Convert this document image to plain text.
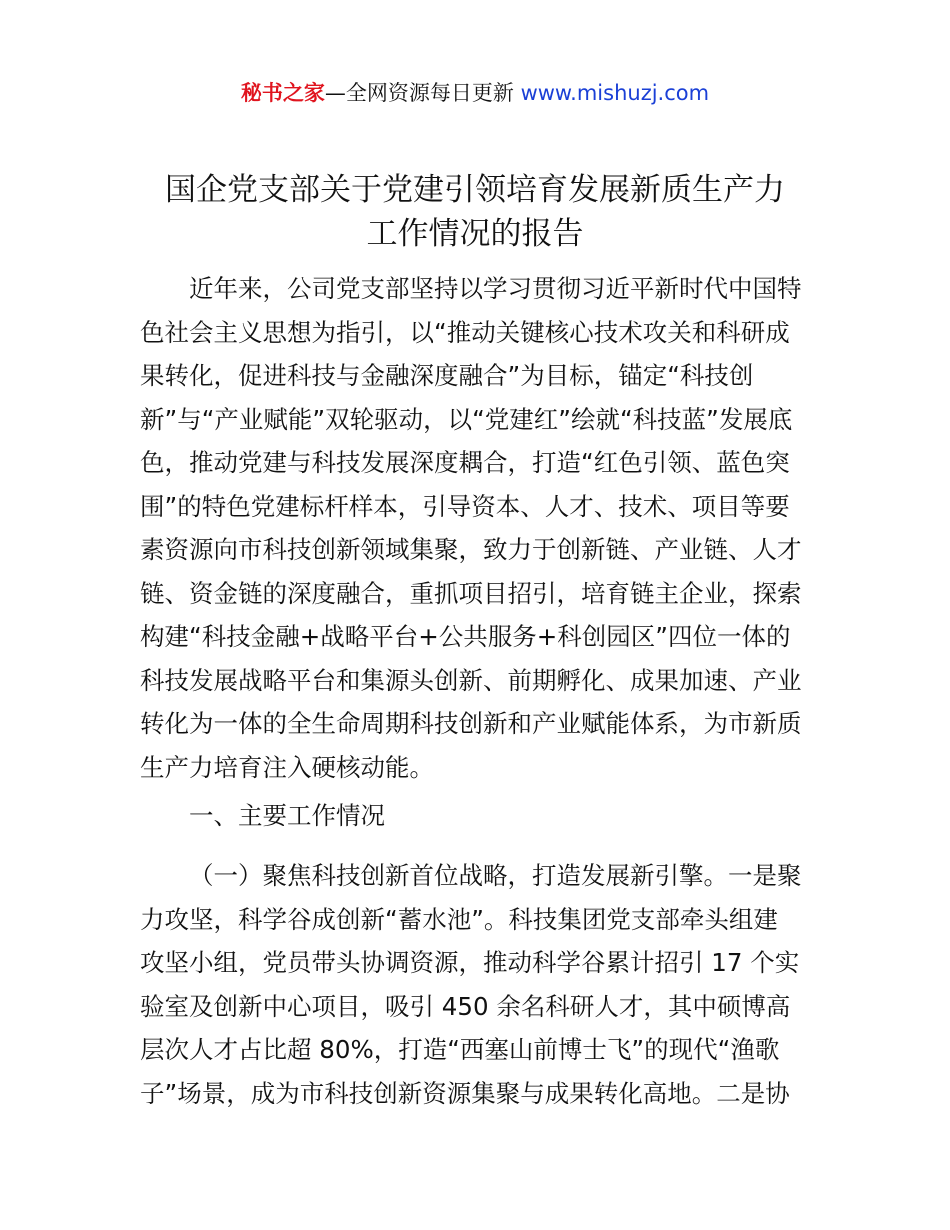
秘书之家—全网资源每日更新 www.mishuzj.com
国企党支部关于党建引领培育发展新质生产力
工作情况的报告
近年来，公司党支部坚持以学习贯彻习近平新时代中国特
色社会主义思想为指引，以“推动关键核心技术攻关和科研成
果转化，促进科技与金融深度融合”为目标，锚定“科技创
新”与“产业赋能”双轮驱动，以“党建红”绘就“科技蓝”发展底
色，推动党建与科技发展深度耦合，打造“红色引领、蓝色突
围”的特色党建标杆样本，引导资本、人才、技术、项目等要
素资源向市科技创新领域集聚，致力于创新链、产业链、人才
链、资金链的深度融合，重抓项目招引，培育链主企业，探索
构建“科技金融+战略平台+公共服务+科创园区”四位一体的
科技发展战略平台和集源头创新、前期孵化、成果加速、产业
转化为一体的全生命周期科技创新和产业赋能体系，为市新质
生产力培育注入硬核动能。
一、主要工作情况
（一）聚焦科技创新首位战略，打造发展新引擎。一是聚
力攻坚，科学谷成创新“蓄水池”。科技集团党支部牵头组建
攻坚小组，党员带头协调资源，推动科学谷累计招引 17 个实
验室及创新中心项目，吸引 450 余名科研人才，其中硕博高
层次人才占比超 80%，打造“西塞山前博士飞”的现代“渔歌
子”场景，成为市科技创新资源集聚与成果转化高地。二是协
